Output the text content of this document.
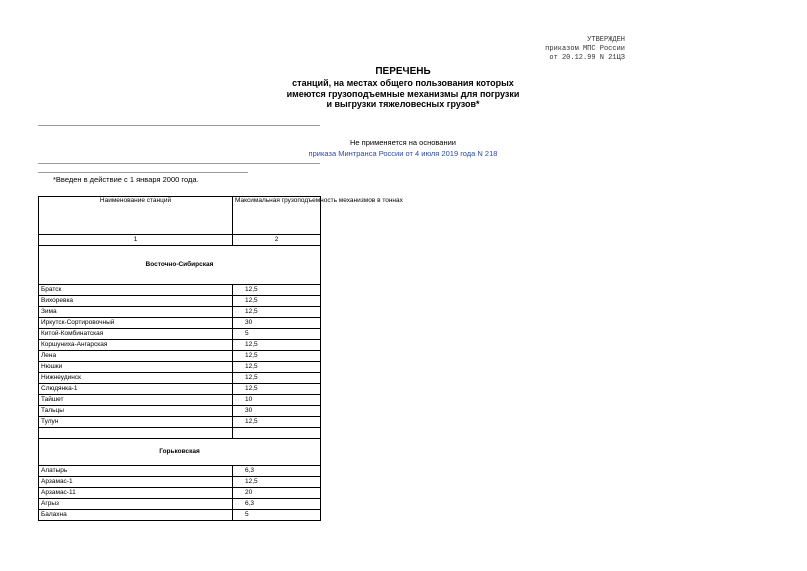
УТВЕРЖДЕН
приказом МПС России
от 20.12.99 N 21ЦЗ
ПЕРЕЧЕНЬ
станций, на местах общего пользования которых
имеются грузоподъемные механизмы для погрузки
и выгрузки тяжеловесных грузов*
Не применяется на основании
приказа Минтранса России от 4 июля 2019 года N 218
*Введен в действие с 1 января 2000 года.
Наименование станций	Максимальная грузоподъемность механизмов в тоннах
1	2
Восточно-Сибирская	
Братск	12,5
Вихоревка	12,5
Зима	12,5
Иркутск-Сортировочный	30
Китой-Комбинатская	5
Коршуниха-Ангарская	12,5
Лена	12,5
Нюшки	12,5
Нижнеудинск	12,5
Слюдянка-1	12,5
Тайшет	10
Тальцы	30
Тулун	12,5

Горьковская	
Алатырь	6,3
Арзамас-1	12,5
Арзамас-11	20
Агрыз	6,3
Балахна	5
